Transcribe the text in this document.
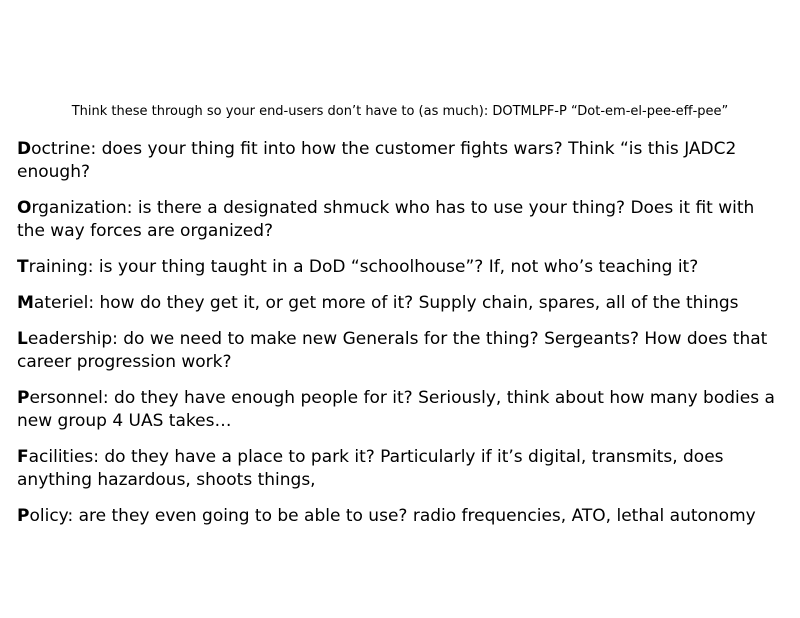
Think these through so your end-users don’t have to (as much): DOTMLPF-P “Dot-em-el-pee-eff-pee”
Doctrine: does your thing fit into how the customer fights wars? Think “is this JADC2 enough?
Organization: is there a designated shmuck who has to use your thing? Does it fit with the way forces are organized?
Training: is your thing taught in a DoD “schoolhouse”? If, not who’s teaching it?
Materiel: how do they get it, or get more of it? Supply chain, spares, all of the things
Leadership: do we need to make new Generals for the thing? Sergeants? How does that career progression work?
Personnel: do they have enough people for it? Seriously, think about how many bodies a new group 4 UAS takes…
Facilities: do they have a place to park it? Particularly if it’s digital, transmits, does anything hazardous, shoots things,
Policy: are they even going to be able to use? radio frequencies, ATO, lethal autonomy
